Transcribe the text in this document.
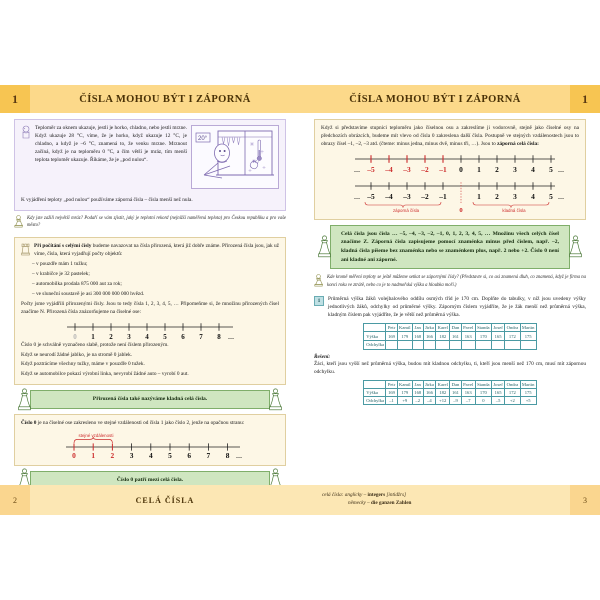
1	ČÍSLA MOHOU BÝT I ZÁPORNÁ

Teploměr za oknem ukazuje, jestli je horko, chladno, nebo jestli mrzne. Když ukazuje 28 °C, víme, že je horko, když ukazuje 12 °C, je chladno, a když je –6 °C, znamená to, že venku mrzne. Mrznout začíná, když je na teploměru 0 °C, a čím větší je mráz, tím menší teplota teploměr ukazuje. Říkáme, že je „pod nulou“.

20°

K vyjádření teploty „pod nulou“ používáme záporná čísla – čísla menší než nula.

Kdy jste zažili největší mráz? Podaří se vám zjistit, jaký je teplotní rekord (nejnižší naměřená teplota) pro Českou republiku a pro vaše město?

Při počítání s celými čísly budeme navazovat na čísla přirozená, která již dobře známe. Přirozená čísla jsou, jak už víme, čísla, která vyjadřují počty objektů:

– v pouzdře mám 1 tužku;

– v krabičce je 32 pastelek;

– automobilka prodala 875 000 aut za rok;

– ve sluneční soustavě je asi 300 000 000 000 hvězd.

Počty jsme vyjádřili přirozenými čísly. Jsou to tedy čísla 1, 2, 3, 4, 5, … Připomeňme si, že množinu přirozených čísel značíme N. Přirozená čísla znázorňujeme na číselné ose:

0 1 2 3 4 5 6 7 8 …

Číslo 0 je schválně vyznačeno slabě, protože není číslem přirozeným.

Když se neurodí žádné jablko, je na stromě 0 jablek.

Když poztrácíme všechny tužky, máme v pouzdře 0 tužek.

Když se automobilce pokazí výrobní linka, nevyrobí žádné auto – vyrobí 0 aut.

Přirozená čísla také nazýváme kladná celá čísla.

Číslo 0 je na číselné ose zakresleno ve stejné vzdálenosti od čísla 1 jako číslo 2, jenže na opačnou stranu:

stejné vzdálenosti
0 1 2 3 4 5 6 7 8 …
Číslo 0 patří mezi celá čísla.
2	CELÁ ČÍSLA
1
ČÍSLA MOHOU BÝT I ZÁPORNÁ

Když si představíme stupnici teploměru jako číselnou osu a zakreslíme ji vodorovně, stejně jako číselné osy na předchozích obrázcích, budeme mít vlevo od čísla 0 zakreslena další čísla. Postupně ve stejných vzdálenostech jsou to obrazy čísel –1, –2, –3 atd. (čteme: minus jedna, minus dvě, minus tři, …). Jsou to záporná celá čísla:

… –5 –4 –3 –2 –1 0 1 2 3 4 5 …
… –5 –4 –3 –2 –1	1 2 3 4 5 …
záporná čísla	kladná čísla
0
Celá čísla jsou čísla … –5, –4, –3, –2, –1, 0, 1, 2, 3, 4, 5, … Množinu všech celých čísel značíme Z. Záporná čísla zapisujeme pomocí znaménka minus před číslem, např. –2, kladná čísla píšeme bez znaménka nebo se znaménkem plus, např. 2 nebo +2. Číslo 0 není ani kladné ani záporné.
Kde kromě měření teploty se ještě můžeme setkat se zápornými čísly? (Představte si, co asi znamená dluh, co znamená, když je firma na konci roku ve ztrátě, nebo co je to nadmořská výška a hloubka moří.)
1	Průměrná výška žáků volejbalového oddílu osmých tříd je 170 cm. Doplňte do tabulky, v níž jsou uvedeny výšky jednotlivých žáků, odchylky od průměrné výšky. Záporným číslem vyjádříte, že je žák menší než průměrná výška, kladným číslem pak vyjádříte, že je větší než průměrná výška.

	Petr	Kamil	Jan	Jirka	Karel	Dan	Pavel	Standa	Josef	Ondra	Martin
Výška	169	179	168	166	182	161	163	170	165	172	175
Odchylka											
Řešení:

Žáci, kteří jsou vyšší než průměrná výška, budou mít kladnou odchylku, ti, kteří jsou menší než 170 cm, musí mít zápornou odchylku.

	Petr	Kamil	Jan	Jirka	Karel	Dan	Pavel	Standa	Josef	Ondra	Martin
Výška	169	179	168	166	182	161	163	170	165	172	175
Odchylka	–1	+9	–2	–4	+12	–9	–7	0	–5	+2	+5
3
celá čísla: anglicky – integers [intidžrs]
německy – die ganzen Zahlen
